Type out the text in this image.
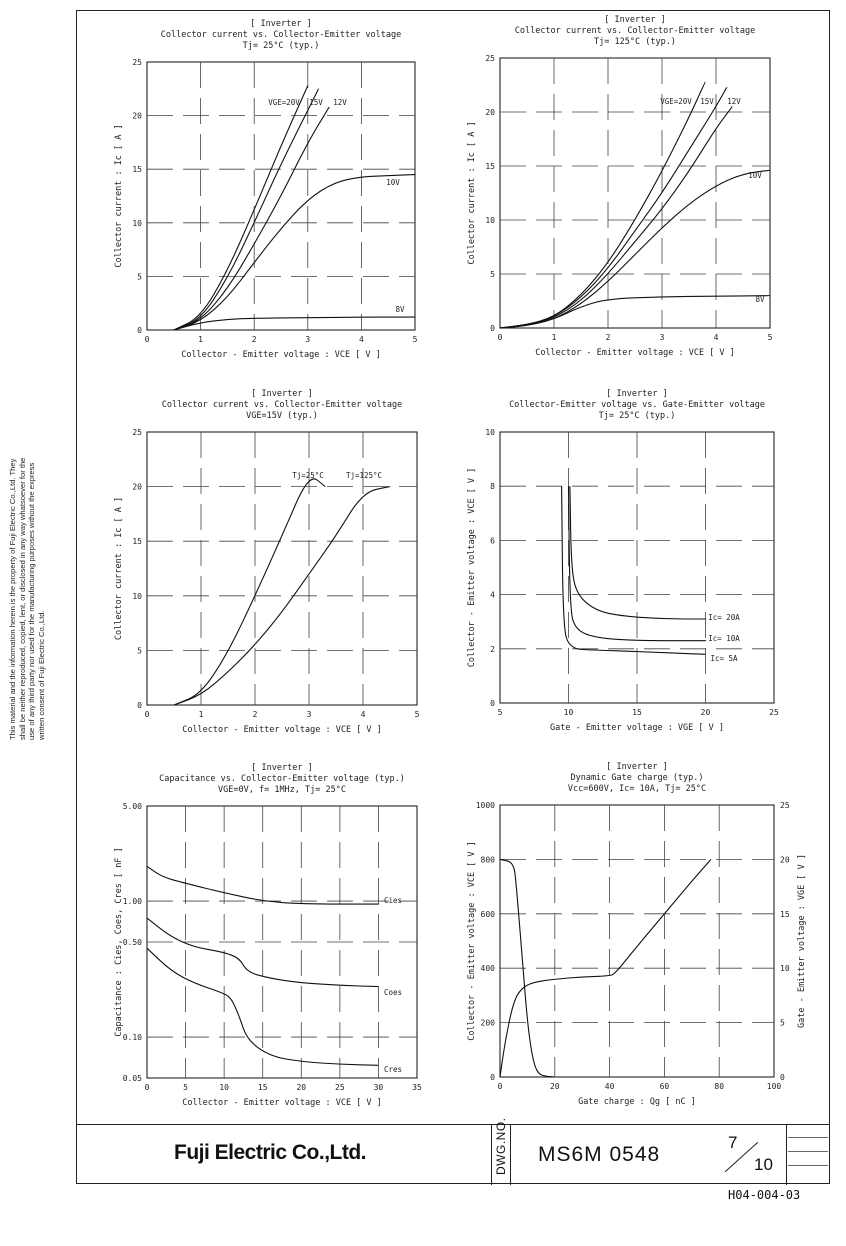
This material and the information herein is the property of Fuji Electric Co.,Ltd. They shall be neither reproduced, copied, lent, or disclosed in any way whatsoever for the use of any third party nor used for the manufacturing purposes without the express written consent of Fuji Electric Co.,Ltd.
[ Inverter ]
Collector current vs. Collector-Emitter voltage
Tj= 25°C (typ.)
0	1	2	3	4	5
0
5
10
15
20
25
Collector - Emitter voltage : VCE [ V ]
Collector current : Ic [ A ]
VGE=20V 15V 12V
10V
8V
[ Inverter ]
Collector current vs. Collector-Emitter voltage
Tj= 125°C (typ.)
0	1	2	3	4	5
0
5
10
15
20
25
Collector - Emitter voltage : VCE [ V ]
Collector current : Ic [ A ]
VGE=20V 15V 12V
10V
8V
[ Inverter ]
Collector current vs. Collector-Emitter voltage
VGE=15V (typ.)
0	1	2	3	4	5
0
5
10
15
20
25
Collector - Emitter voltage : VCE [ V ]
Collector current : Ic [ A ]
Tj=25°C	Tj=125°C
[ Inverter ]
Collector-Emitter voltage vs. Gate-Emitter voltage
Tj= 25°C (typ.)
5	10	15	20	25
0
2
4
6
8
10
Gate - Emitter voltage : VGE [ V ]
Collector - Emitter voltage : VCE [ V ]	Ic= 20A
Ic= 10A
Ic= 5A
[ Inverter ]
Capacitance vs. Collector-Emitter voltage (typ.)
VGE=0V, f= 1MHz, Tj= 25°C
0	5	10	15	20	25	30	35
0.05
0.10
0.50
1.00
5.00
Collector - Emitter voltage : VCE [ V ]
Capacitance : Cies, Coes, Cres [ nF ]	Cies
Coes
Cres
[ Inverter ]
Dynamic Gate charge (typ.)
Vcc=600V, Ic= 10A, Tj= 25°C
0	20	40	60	80	100
0
200
400
600
800
1000
0
5
10
15
20
25
Gate charge : Qg [ nC ]
Collector - Emitter voltage : VCE [ V ]	Gate - Emitter voltage : VGE [ V ]
Fuji Electric Co.,Ltd.	DWG.NO. MS6M 0548
7
10
H04-004-03
